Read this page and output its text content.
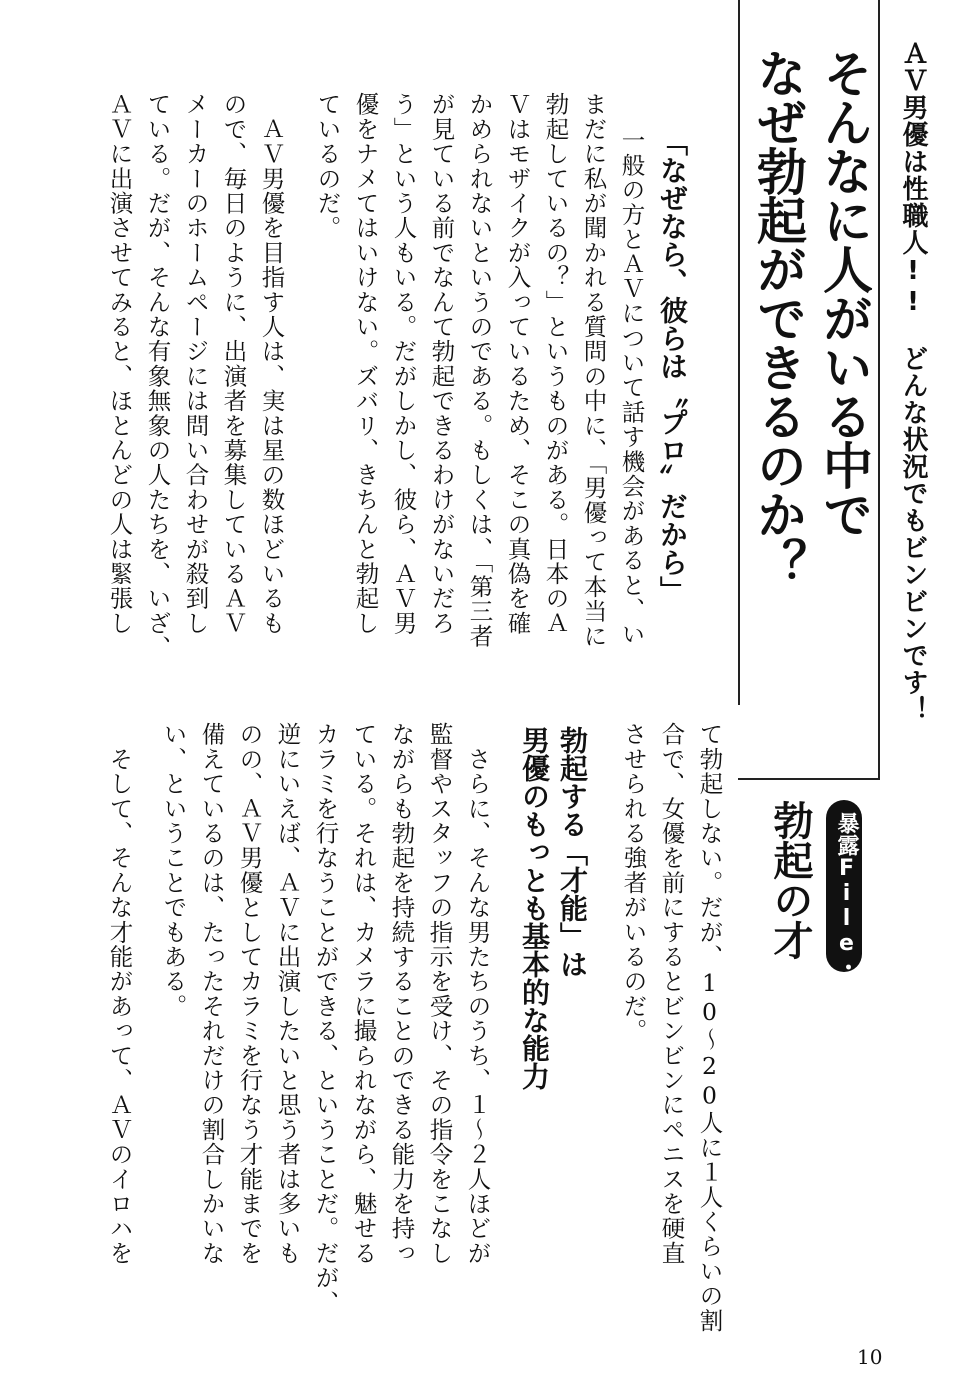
ＡＶ男優は性職人!!　どんな状況でもビンビンです！
そんなに人がいる中で
なぜ勃起ができるのか？
暴露File・2
勃起の才
「なぜなら、彼らは〝プロ〟だから」
一般の方とＡＶについて話す機会があると、い
まだに私が聞かれる質問の中に、「男優って本当に
勃起しているの？」というものがある。日本のＡ
Ｖはモザイクが入っているため、そこの真偽を確
かめられないというのである。もしくは、「第三者
が見ている前でなんて勃起できるわけがないだろ
う」という人もいる。だがしかし、彼ら、ＡＶ男
優をナメてはいけない。ズバリ、きちんと勃起し
ているのだ。
　ＡＶ男優を目指す人は、実は星の数ほどいるも
ので、毎日のように、出演者を募集しているＡＶ
メーカーのホームページには問い合わせが殺到し
ている。だが、そんな有象無象の人たちを、いざ、
ＡＶに出演させてみると、ほとんどの人は緊張し
て勃起しない。だが、10〜20人に１人くらいの割
合で、女優を前にするとビンビンにペニスを硬直
させられる強者がいるのだ。
勃起する「才能」は
男優のもっとも基本的な能力
　さらに、そんな男たちのうち、１〜２人ほどが
監督やスタッフの指示を受け、その指令をこなし
ながらも勃起を持続することのできる能力を持っ
ている。それは、カメラに撮られながら、魅せる
カラミを行なうことができる、ということだ。だが、
逆にいえば、ＡＶに出演したいと思う者は多いも
のの、ＡＶ男優としてカラミを行なう才能までを
備えているのは、たったそれだけの割合しかいな
い、ということでもある。
　そして、そんな才能があって、ＡＶのイロハを
10
